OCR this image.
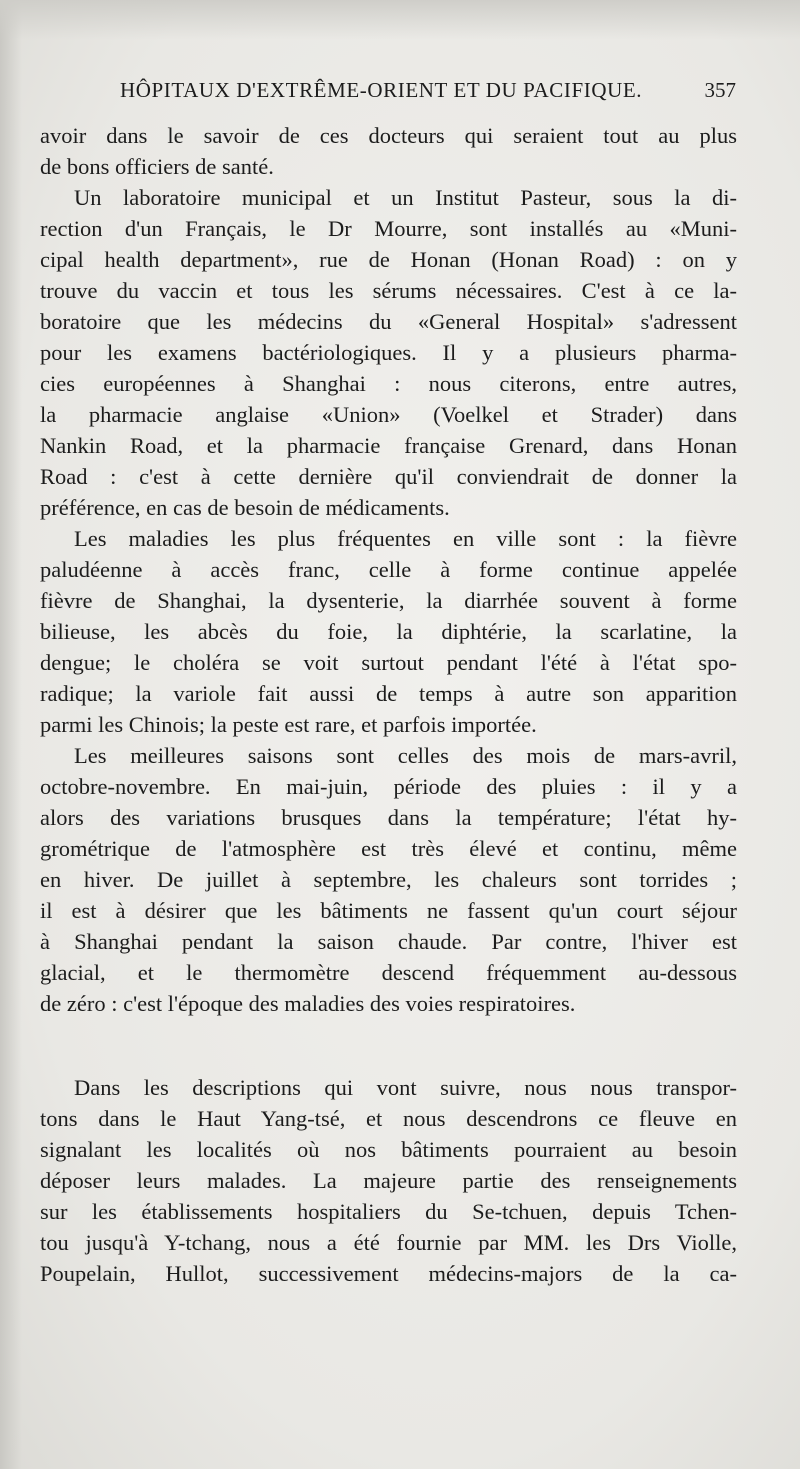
HÔPITAUX D'EXTRÊME-ORIENT ET DU PACIFIQUE.	357
avoir dans le savoir de ces docteurs qui seraient tout au plus
de bons officiers de santé.
Un laboratoire municipal et un Institut Pasteur, sous la di-
rection d'un Français, le Dr Mourre, sont installés au «Muni-
cipal health department», rue de Honan (Honan Road) : on y
trouve du vaccin et tous les sérums nécessaires. C'est à ce la-
boratoire que les médecins du «General Hospital» s'adressent
pour les examens bactériologiques. Il y a plusieurs pharma-
cies européennes à Shanghai : nous citerons, entre autres,
la pharmacie anglaise «Union» (Voelkel et Strader) dans
Nankin Road, et la pharmacie française Grenard, dans Honan
Road : c'est à cette dernière qu'il conviendrait de donner la
préférence, en cas de besoin de médicaments.
Les maladies les plus fréquentes en ville sont : la fièvre
paludéenne à accès franc, celle à forme continue appelée
fièvre de Shanghai, la dysenterie, la diarrhée souvent à forme
bilieuse, les abcès du foie, la diphtérie, la scarlatine, la
dengue; le choléra se voit surtout pendant l'été à l'état spo-
radique; la variole fait aussi de temps à autre son apparition
parmi les Chinois; la peste est rare, et parfois importée.
Les meilleures saisons sont celles des mois de mars-avril,
octobre-novembre. En mai-juin, période des pluies : il y a
alors des variations brusques dans la température; l'état hy-
grométrique de l'atmosphère est très élevé et continu, même
en hiver. De juillet à septembre, les chaleurs sont torrides ;
il est à désirer que les bâtiments ne fassent qu'un court séjour
à Shanghai pendant la saison chaude. Par contre, l'hiver est
glacial, et le thermomètre descend fréquemment au-dessous
de zéro : c'est l'époque des maladies des voies respiratoires.
Dans les descriptions qui vont suivre, nous nous transpor-
tons dans le Haut Yang-tsé, et nous descendrons ce fleuve en
signalant les localités où nos bâtiments pourraient au besoin
déposer leurs malades. La majeure partie des renseignements
sur les établissements hospitaliers du Se-tchuen, depuis Tchen-
tou jusqu'à Y-tchang, nous a été fournie par MM. les Drs Violle,
Poupelain, Hullot, successivement médecins-majors de la ca-
